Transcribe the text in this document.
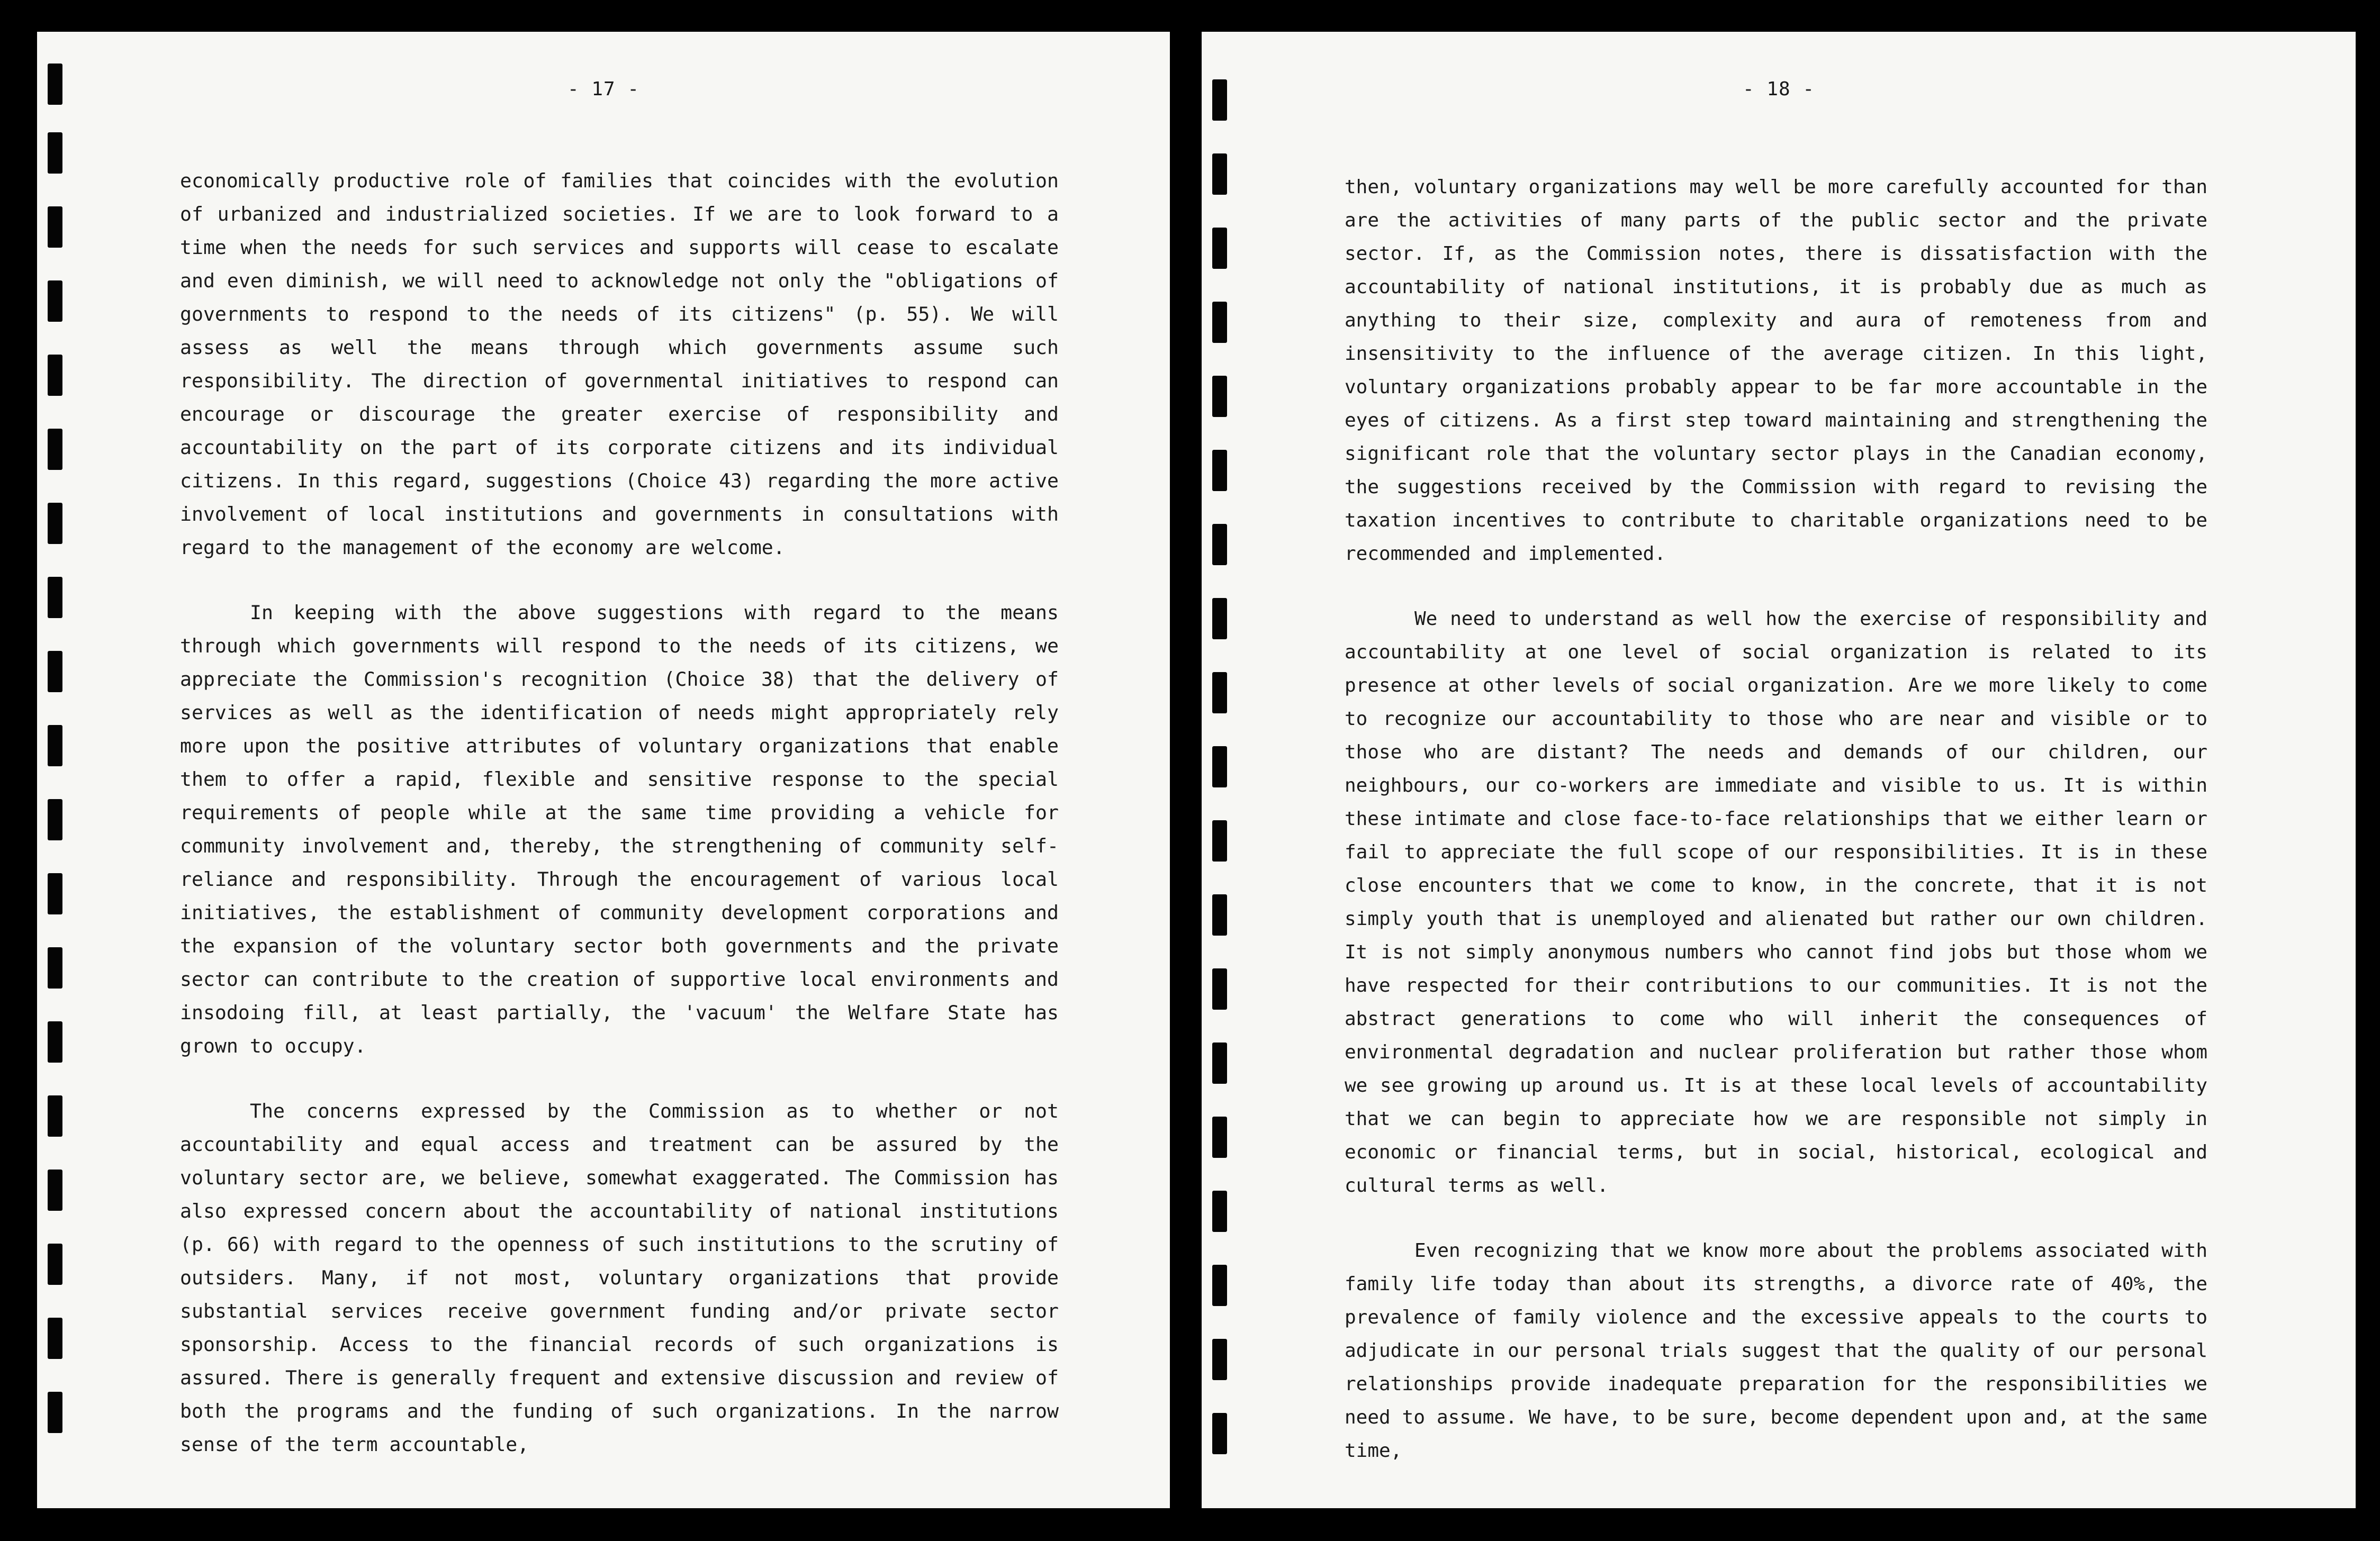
- 17 -

economically productive role of families that coincides with the evolution of urbanized and industrialized societies. If we are to look forward to a time when the needs for such services and supports will cease to escalate and even diminish, we will need to acknowledge not only the "obligations of governments to respond to the needs of its citizens" (p. 55). We will assess as well the means through which governments assume such responsibility. The direction of governmental initiatives to respond can encourage or discourage the greater exercise of responsibility and accountability on the part of its corporate citizens and its individual citizens. In this regard, suggestions (Choice 43) regarding the more active involvement of local institutions and governments in consultations with regard to the management of the economy are welcome.

In keeping with the above suggestions with regard to the means through which governments will respond to the needs of its citizens, we appreciate the Commission's recognition (Choice 38) that the delivery of services as well as the identification of needs might appropriately rely more upon the positive attributes of voluntary organizations that enable them to offer a rapid, flexible and sensitive response to the special requirements of people while at the same time providing a vehicle for community involvement and, thereby, the strengthening of community self-reliance and responsibility. Through the encouragement of various local initiatives, the establishment of community development corporations and the expansion of the voluntary sector both governments and the private sector can contribute to the creation of supportive local environments and insodoing fill, at least partially, the 'vacuum' the Welfare State has grown to occupy.

The concerns expressed by the Commission as to whether or not accountability and equal access and treatment can be assured by the voluntary sector are, we believe, somewhat exaggerated. The Commission has also expressed concern about the accountability of national institutions (p. 66) with regard to the openness of such institutions to the scrutiny of outsiders. Many, if not most, voluntary organizations that provide substantial services receive government funding and/or private sector sponsorship. Access to the financial records of such organizations is assured. There is generally frequent and extensive discussion and review of both the programs and the funding of such organizations. In the narrow sense of the term accountable,

- 18 -

then, voluntary organizations may well be more carefully accounted for than are the activities of many parts of the public sector and the private sector. If, as the Commission notes, there is dissatisfaction with the accountability of national institutions, it is probably due as much as anything to their size, complexity and aura of remoteness from and insensitivity to the influence of the average citizen. In this light, voluntary organizations probably appear to be far more accountable in the eyes of citizens. As a first step toward maintaining and strengthening the significant role that the voluntary sector plays in the Canadian economy, the suggestions received by the Commission with regard to revising the taxation incentives to contribute to charitable organizations need to be recommended and implemented.

We need to understand as well how the exercise of responsibility and accountability at one level of social organization is related to its presence at other levels of social organization. Are we more likely to come to recognize our accountability to those who are near and visible or to those who are distant? The needs and demands of our children, our neighbours, our co-workers are immediate and visible to us. It is within these intimate and close face-to-face relationships that we either learn or fail to appreciate the full scope of our responsibilities. It is in these close encounters that we come to know, in the concrete, that it is not simply youth that is unemployed and alienated but rather our own children. It is not simply anonymous numbers who cannot find jobs but those whom we have respected for their contributions to our communities. It is not the abstract generations to come who will inherit the consequences of environmental degradation and nuclear proliferation but rather those whom we see growing up around us. It is at these local levels of accountability that we can begin to appreciate how we are responsible not simply in economic or financial terms, but in social, historical, ecological and cultural terms as well.

Even recognizing that we know more about the problems associated with family life today than about its strengths, a divorce rate of 40%, the prevalence of family violence and the excessive appeals to the courts to adjudicate in our personal trials suggest that the quality of our personal relationships provide inadequate preparation for the responsibilities we need to assume. We have, to be sure, become dependent upon and, at the same time,
